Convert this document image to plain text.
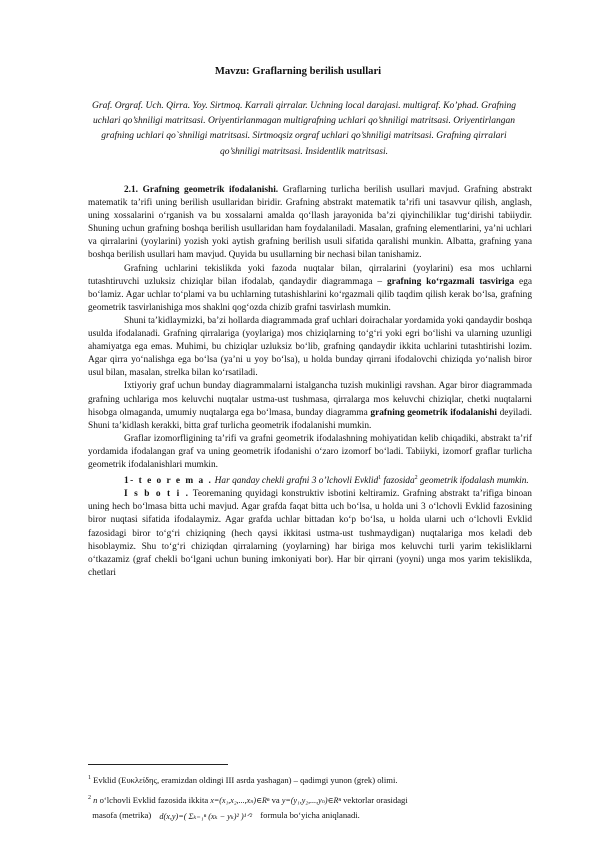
Mavzu: Graflarning berilish usullari
Graf. Orgraf. Uch. Qirra. Yoy. Sirtmoq. Karrali qirralar. Uchning local darajasi. multigraf. Ko’phad. Grafning uchlari qo’shniligi matritsasi. Oriyentirlanmagan multigrafning uchlari qo’shniligi matritsasi. Oriyentirlangan grafning uchlari qo`shniligi matritsasi. Sirtmoqsiz orgraf uchlari qo’shniligi matritsasi. Grafning qirralari qo’shniligi matritsasi. Insidentlik matritsasi.

2.1. Grafning geometrik ifodalanishi. Graflarning turlicha berilish usullari mavjud. Grafning abstrakt matematik ta’rifi uning berilish usullaridan biridir. Grafning abstrakt matematik ta’rifi uni tasavvur qilish, anglash, uning xossalarini o‘rganish va bu xossalarni amalda qo‘llash jarayonida ba’zi qiyinchiliklar tug‘dirishi tabiiydir. Shuning uchun grafning boshqa berilish usullaridan ham foydalaniladi. Masalan, grafning elementlarini, ya’ni uchlari va qirralarini (yoylarini) yozish yoki aytish grafning berilish usuli sifatida qaralishi munkin. Albatta, grafning yana boshqa berilish usullari ham mavjud. Quyida bu usullarning bir nechasi bilan tanishamiz.

Grafning uchlarini tekislikda yoki fazoda nuqtalar bilan, qirralarini (yoylarini) esa mos uchlarni tutashtiruvchi uzluksiz chiziqlar bilan ifodalab, qandaydir diagrammaga – grafning ko‘rgazmali tasviriga ega bo‘lamiz. Agar uchlar to‘plami va bu uchlarning tutashishlarini ko‘rgazmali qilib taqdim qilish kerak bo‘lsa, grafning geometrik tasvirlanishiga mos shaklni qog‘ozda chizib grafni tasvirlash mumkin.

Shuni ta’kidlaymizki, ba’zi hollarda diagrammada graf uchlari doirachalar yordamida yoki qandaydir boshqa usulda ifodalanadi. Grafning qirralariga (yoylariga) mos chiziqlarning to‘g‘ri yoki egri bo‘lishi va ularning uzunligi ahamiyatga ega emas. Muhimi, bu chiziqlar uzluksiz bo‘lib, grafning qandaydir ikkita uchlarini tutashtirishi lozim. Agar qirra yo‘nalishga ega bo‘lsa (ya’ni u yoy bo‘lsa), u holda bunday qirrani ifodalovchi chiziqda yo‘nalish biror usul bilan, masalan, strelka bilan ko‘rsatiladi.

Ixtiyoriy graf uchun bunday diagrammalarni istalgancha tuzish mukinligi ravshan. Agar biror diagrammada grafning uchlariga mos keluvchi nuqtalar ustma-ust tushmasa, qirralarga mos keluvchi chiziqlar, chetki nuqtalarni hisobga olmaganda, umumiy nuqtalarga ega bo‘lmasa, bunday diagramma grafning geometrik ifodalanishi deyiladi. Shuni ta’kidlash kerakki, bitta graf turlicha geometrik ifodalanishi mumkin.

Graflar izomorfligining ta’rifi va grafni geometrik ifodalashning mohiyatidan kelib chiqadiki, abstrakt ta’rif yordamida ifodalangan graf va uning geometrik ifodanishi o‘zaro izomorf bo‘ladi. Tabiiyki, izomorf graflar turlicha geometrik ifodalanishlari mumkin.

1- t e o r e m a . Har qanday chekli grafni 3 o’lchovli Evklid$^1$ fazosida$^2$ geometrik ifodalash mumkin.

I s b o t i . Teoremaning quyidagi konstruktiv isbotini keltiramiz. Grafning abstrakt ta’rifiga binoan uning hech bo‘lmasa bitta uchi mavjud. Agar grafda faqat bitta uch bo‘lsa, u holda uni 3 o‘lchovli Evklid fazosining biror nuqtasi sifatida ifodalaymiz. Agar grafda uchlar bittadan ko‘p bo‘lsa, u holda ularni uch o‘lchovli Evklid fazosidagi biror to‘g‘ri chiziqning (hech qaysi ikkitasi ustma-ust tushmaydigan) nuqtalariga mos keladi deb hisoblaymiz. Shu to‘g‘ri chiziqdan qirralarning (yoylarning) har biriga mos keluvchi turli yarim tekisliklarni o‘tkazamiz (graf chekli bo‘lgani uchun buning imkoniyati bor). Har bir qirrani (yoyni) unga mos yarim tekislikda, chetlari

$^1$ Evklid (Ευκλείδης, eramizdan oldingi III asrda yashagan) – qadimgi yunon (grek) olimi.
$^2$ n o‘lchovli Evklid fazosida ikkita x=(x₁,x₂,...,xₙ)∈Rⁿ va y=(y₁,y₂,...,yₙ)∈Rⁿ vektorlar orasidagi
masofa (metrika) d(x,y)=( Σₖ₌₁ⁿ (xₖ − yₖ)² )¹ᐟ² formula bo‘yicha aniqlanadi.
